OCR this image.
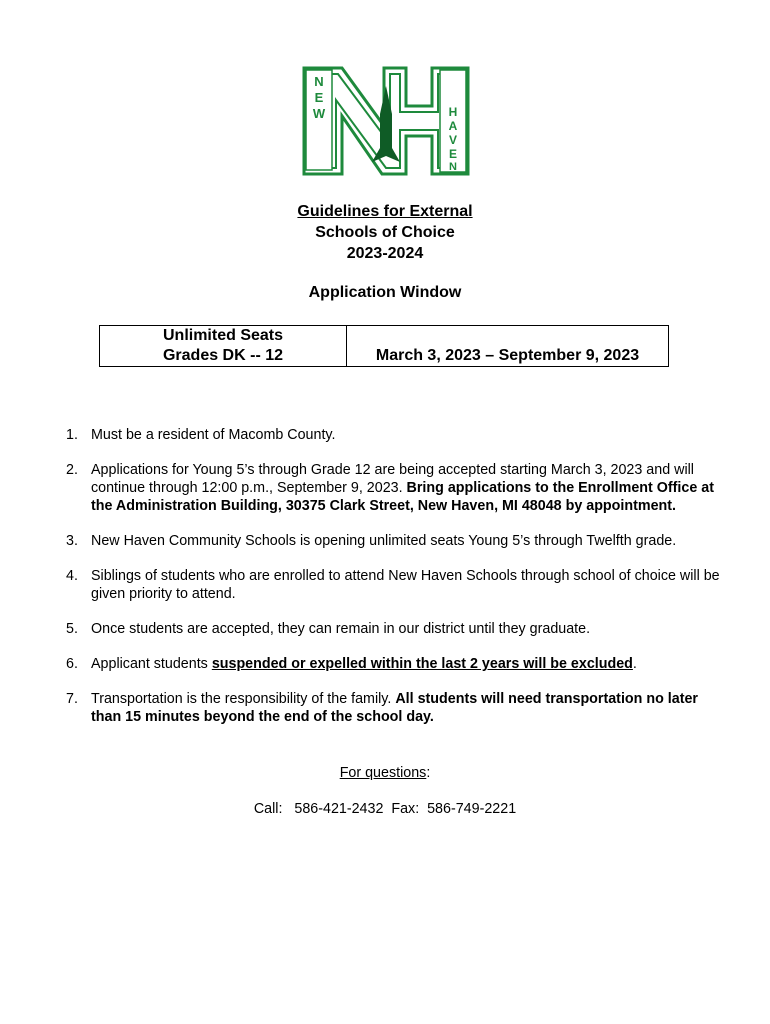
N
E
W	H
A
V
E
N
Guidelines for External
Schools of Choice
2023-2024
Application Window
Unlimited Seats
Grades DK -- 12	March 3, 2023 – September 9, 2023
1. Must be a resident of Macomb County.
2. Applications for Young 5’s through Grade 12 are being accepted starting March 3, 2023 and will continue through 12:00 p.m., September 9, 2023. Bring applications to the Enrollment Office at the Administration Building, 30375 Clark Street, New Haven, MI 48048 by appointment.
3. New Haven Community Schools is opening unlimited seats Young 5’s through Twelfth grade.
4. Siblings of students who are enrolled to attend New Haven Schools through school of choice will be given priority to attend.
5. Once students are accepted, they can remain in our district until they graduate.
6. Applicant students suspended or expelled within the last 2 years will be excluded.
7. Transportation is the responsibility of the family. All students will need transportation no later than 15 minutes beyond the end of the school day.
For questions:
Call:   586-421-2432  Fax:  586-749-2221
